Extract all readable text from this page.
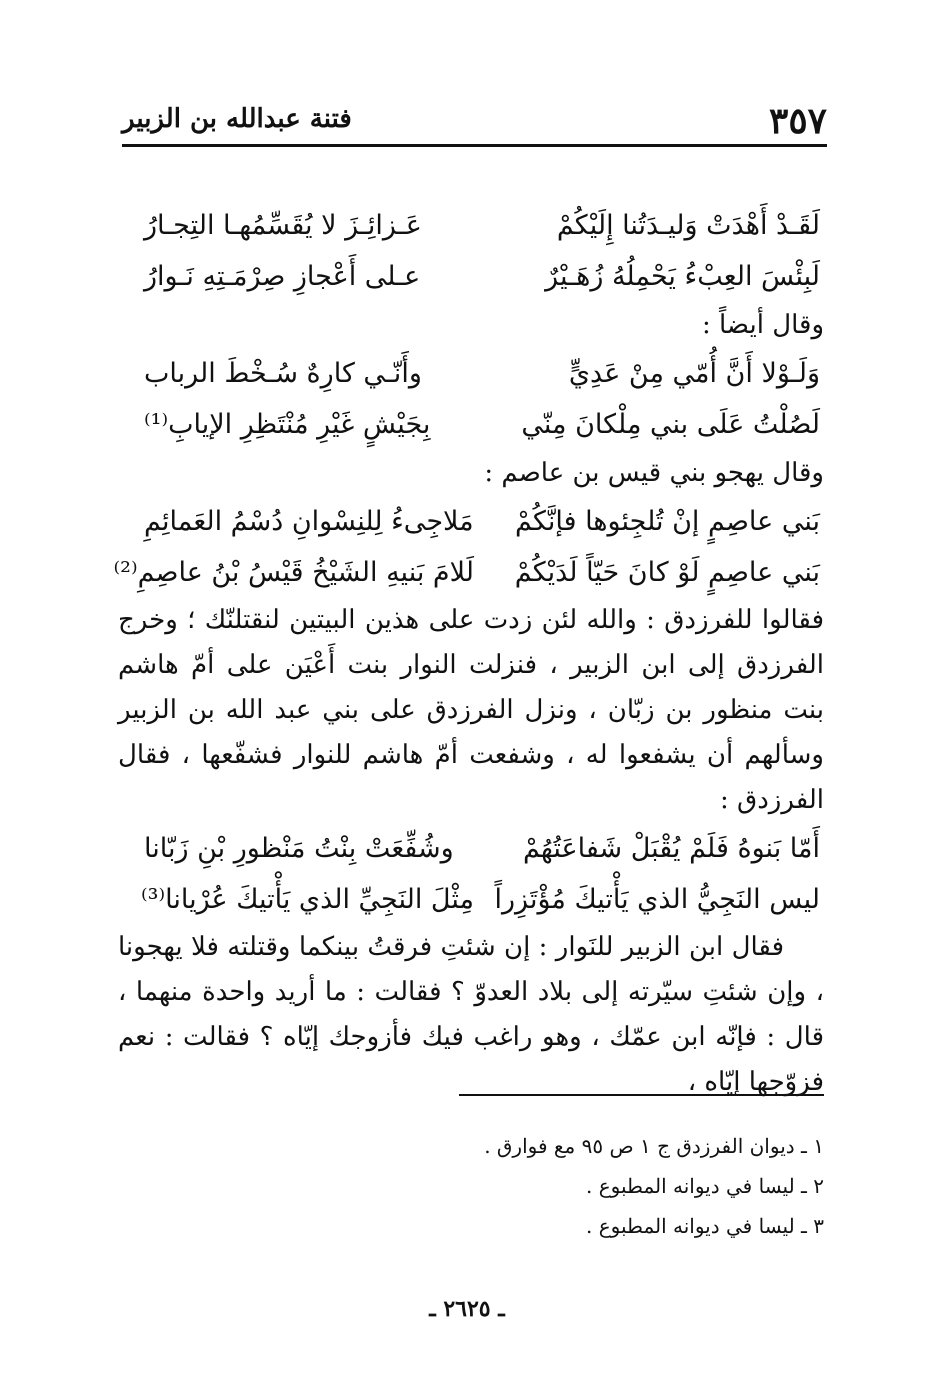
٣٥٧
فتنة عبدالله بن الزبير
لَقَـدْ أَهْدَتْ وَليـدَتُنا إِلَيْكُمْ
عَـزائِـزَ لا يُقَسِّمُهـا التِجـارُ
لَبِئْسَ العِبْءُ يَحْمِلُهُ زُهَـيْرٌ
عـلى أَعْجازِ صِرْمَـتِهِ نَـوارُ
وقال أيضاً :
وَلَـوْلا أَنَّ أُمّي مِنْ عَدِيٍّ
وأَنّـي كارِهٌ سُـخْطَ الرباب
لَصُلْتُ عَلَى بني مِلْكانَ مِنّي
بِجَيْشٍ غَيْرِ مُنْتَظِرِ الإيابِ⁽¹⁾
وقال يهجو بني قيس بن عاصم :
بَني عاصِمٍ إنْ تُلجِئوها فإنَّكُمْ
مَلاجِىءُ لِلنِسْوانِ دُسْمُ العَمائِمِ
بَني عاصِمٍ لَوْ كانَ حَيّاً لَدَيْكُمْ
لَلامَ بَنيهِ الشَيْخُ قَيْسُ بْنُ عاصِمِ⁽²⁾

فقالوا للفرزدق : والله لئن زدت على هذين البيتين لنقتلنّك ؛ وخرج الفرزدق إلى ابن الزبير ، فنزلت النوار بنت أَعْيَن على أمّ هاشم بنت منظور بن زبّان ، ونزل الفرزدق على بني عبد الله بن الزبير وسألهم أن يشفعوا له ، وشفعت أمّ هاشم للنوار فشفّعها ، فقال الفرزدق :

أَمّا بَنوهُ فَلَمْ يُقْبَلْ شَفاعَتُهُمْ
وشُفِّعَتْ بِنْتُ مَنْظورِ بْنِ زَبّانا
ليس النَجِيُّ الذي يَأْتيكَ مُؤْتَزِراً
مِثْلَ النَجِيِّ الذي يَأْتيكَ عُرْيانا⁽³⁾

فقال ابن الزبير للنَوار : إن شئتِ فرقتُ بينكما وقتلته فلا يهجونا ، وإن شئتِ سيّرته إلى بلاد العدوّ ؟ فقالت : ما أريد واحدة منهما ، قال : فإنّه ابن عمّك ، وهو راغب فيك فأزوجك إيّاه ؟ فقالت : نعم فزوّجها إيّاه ،

١ ـ ديوان الفرزدق ج ١ ص ٩٥ مع فوارق .
٢ ـ ليسا في ديوانه المطبوع .
٣ ـ ليسا في ديوانه المطبوع .
ـ ٢٦٢٥ ـ
